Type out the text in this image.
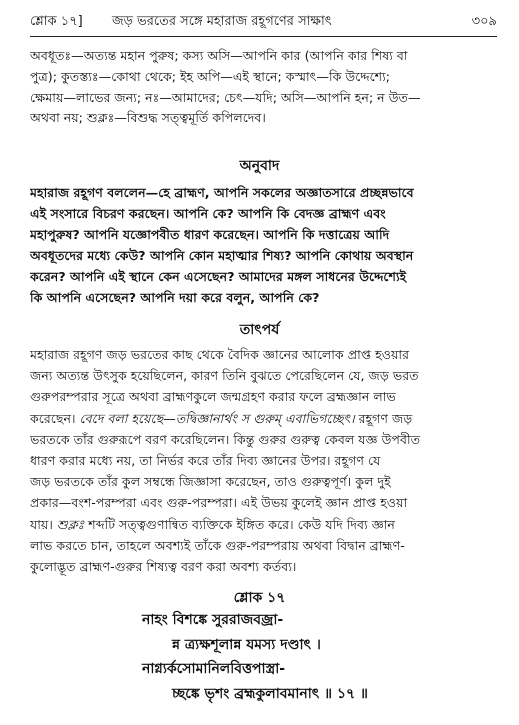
শ্লোক ১৭] জড় ভরতের সঙ্গে মহারাজ রহূগণের সাক্ষাৎ	৩০৯
অবধূতঃ—অত্যন্ত মহান পুরুষ; কস্য অসি—আপনি কার (আপনি কার শিষ্য বা
পুত্র); কুতস্ত্যঃ—কোথা থেকে; ইহ অপি—এই স্থানে; কস্মাৎ—কি উদ্দেশ্যে;
ক্ষেমায়—লাভের জন্য; নঃ—আমাদের; চেৎ—যদি; অসি—আপনি হন; ন উত—
অথবা নয়; শুক্লঃ—বিশুদ্ধ সত্ত্বমূর্তি কপিলদেব।
অনুবাদ
মহারাজ রহূগণ বললেন—হে ব্রাহ্মণ, আপনি সকলের অজ্ঞাতসারে প্রচ্ছন্নভাবে
এই সংসারে বিচরণ করছেন। আপনি কে? আপনি কি বেদজ্ঞ ব্রাহ্মণ এবং
মহাপুরুষ? আপনি যজ্ঞোপবীত ধারণ করেছেন। আপনি কি দত্তাত্রেয় আদি
অবধূতদের মধ্যে কেউ? আপনি কোন মহাত্মার শিষ্য? আপনি কোথায় অবস্থান
করেন? আপনি এই স্থানে কেন এসেছেন? আমাদের মঙ্গল সাধনের উদ্দেশ্যেই
কি আপনি এসেছেন? আপনি দয়া করে বলুন, আপনি কে?
তাৎপর্য
মহারাজ রহূগণ জড় ভরতের কাছ থেকে বৈদিক জ্ঞানের আলোক প্রাপ্ত হওয়ার
জন্য অত্যন্ত উৎসুক হয়েছিলেন, কারণ তিনি বুঝতে পেরেছিলেন যে, জড় ভরত
গুরুপরম্পরার সূত্রে অথবা ব্রাহ্মণকুলে জন্মগ্রহণ করার ফলে ব্রহ্মজ্ঞান লাভ
করেছেন। বেদে বলা হয়েছে—তদ্বিজ্ঞানার্থং স গুরুম্ এবাভিগচ্ছেৎ। রহূগণ জড়
ভরতকে তাঁর গুরুরূপে বরণ করেছিলেন। কিন্তু গুরুর গুরুত্ব কেবল যজ্ঞ উপবীত
ধারণ করার মধ্যে নয়, তা নির্ভর করে তাঁর দিব্য জ্ঞানের উপর। রহূগণ যে
জড় ভরতকে তাঁর কুল সম্বন্ধে জিজ্ঞাসা করেছেন, তাও গুরুত্বপূর্ণ। কুল দুই
প্রকার—বংশ-পরম্পরা এবং গুরু-পরম্পরা। এই উভয় কুলেই জ্ঞান প্রাপ্ত হওয়া
যায়। শুক্লঃ শব্দটি সত্ত্বগুণান্বিত ব্যক্তিকে ইঙ্গিত করে। কেউ যদি দিব্য জ্ঞান
লাভ করতে চান, তাহলে অবশ্যই তাঁকে গুরু-পরম্পরায় অথবা বিদ্বান ব্রাহ্মণ-
কুলোদ্ভূত ব্রাহ্মণ-গুরুর শিষ্যত্ব বরণ করা অবশ্য কর্তব্য।
শ্লোক ১৭
নাহং বিশঙ্কে সুররাজবজ্রা-
ন্ন ত্র্যক্ষশূলান্ন যমস্য দণ্ডাৎ ।
নাগ্ন্যর্কসোমানিলবিত্তপাস্ত্রা-
চ্ছঙ্কে ভৃশং ব্রহ্মকুলাবমানাৎ ॥ ১৭ ॥
